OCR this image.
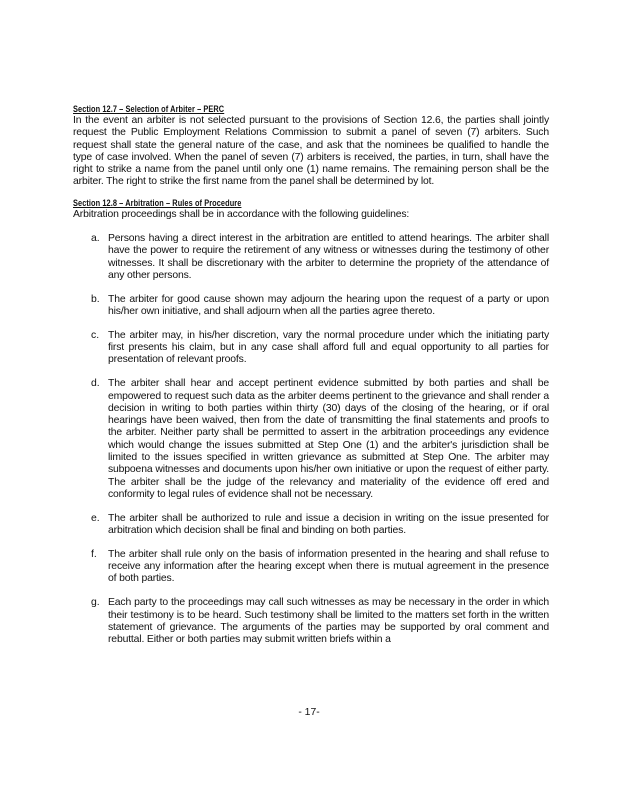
Section 12.7 – Selection of Arbiter – PERC

In the event an arbiter is not selected pursuant to the provisions of Section 12.6, the parties shall jointly request the Public Employment Relations Commission to submit a panel of seven (7) arbiters. Such request shall state the general nature of the case, and ask that the nominees be qualified to handle the type of case involved. When the panel of seven (7) arbiters is received, the parties, in turn, shall have the right to strike a name from the panel until only one (1) name remains. The remaining person shall be the arbiter. The right to strike the first name from the panel shall be determined by lot.

Section 12.8 – Arbitration – Rules of Procedure

Arbitration proceedings shall be in accordance with the following guidelines:

a. Persons having a direct interest in the arbitration are entitled to attend hearings. The arbiter shall have the power to require the retirement of any witness or witnesses during the testimony of other witnesses. It shall be discretionary with the arbiter to determine the propriety of the attendance of any other persons.

b. The arbiter for good cause shown may adjourn the hearing upon the request of a party or upon his/her own initiative, and shall adjourn when all the parties agree thereto.

c. The arbiter may, in his/her discretion, vary the normal procedure under which the initiating party first presents his claim, but in any case shall afford full and equal opportunity to all parties for presentation of relevant proofs.

d. The arbiter shall hear and accept pertinent evidence submitted by both parties and shall be empowered to request such data as the arbiter deems pertinent to the grievance and shall render a decision in writing to both parties within thirty (30) days of the closing of the hearing, or if oral hearings have been waived, then from the date of transmitting the final statements and proofs to the arbiter. Neither party shall be permitted to assert in the arbitration proceedings any evidence which would change the issues submitted at Step One (1) and the arbiter's jurisdiction shall be limited to the issues specified in written grievance as submitted at Step One. The arbiter may subpoena witnesses and documents upon his/her own initiative or upon the request of either party. The arbiter shall be the judge of the relevancy and materiality of the evidence off ered and conformity to legal rules of evidence shall not be necessary.

e. The arbiter shall be authorized to rule and issue a decision in writing on the issue presented for arbitration which decision shall be final and binding on both parties.

f. The arbiter shall rule only on the basis of information presented in the hearing and shall refuse to receive any information after the hearing except when there is mutual agreement in the presence of both parties.

g. Each party to the proceedings may call such witnesses as may be necessary in the order in which their testimony is to be heard. Such testimony shall be limited to the matters set forth in the written statement of grievance. The arguments of the parties may be supported by oral comment and rebuttal. Either or both parties may submit written briefs within a

- 17-
